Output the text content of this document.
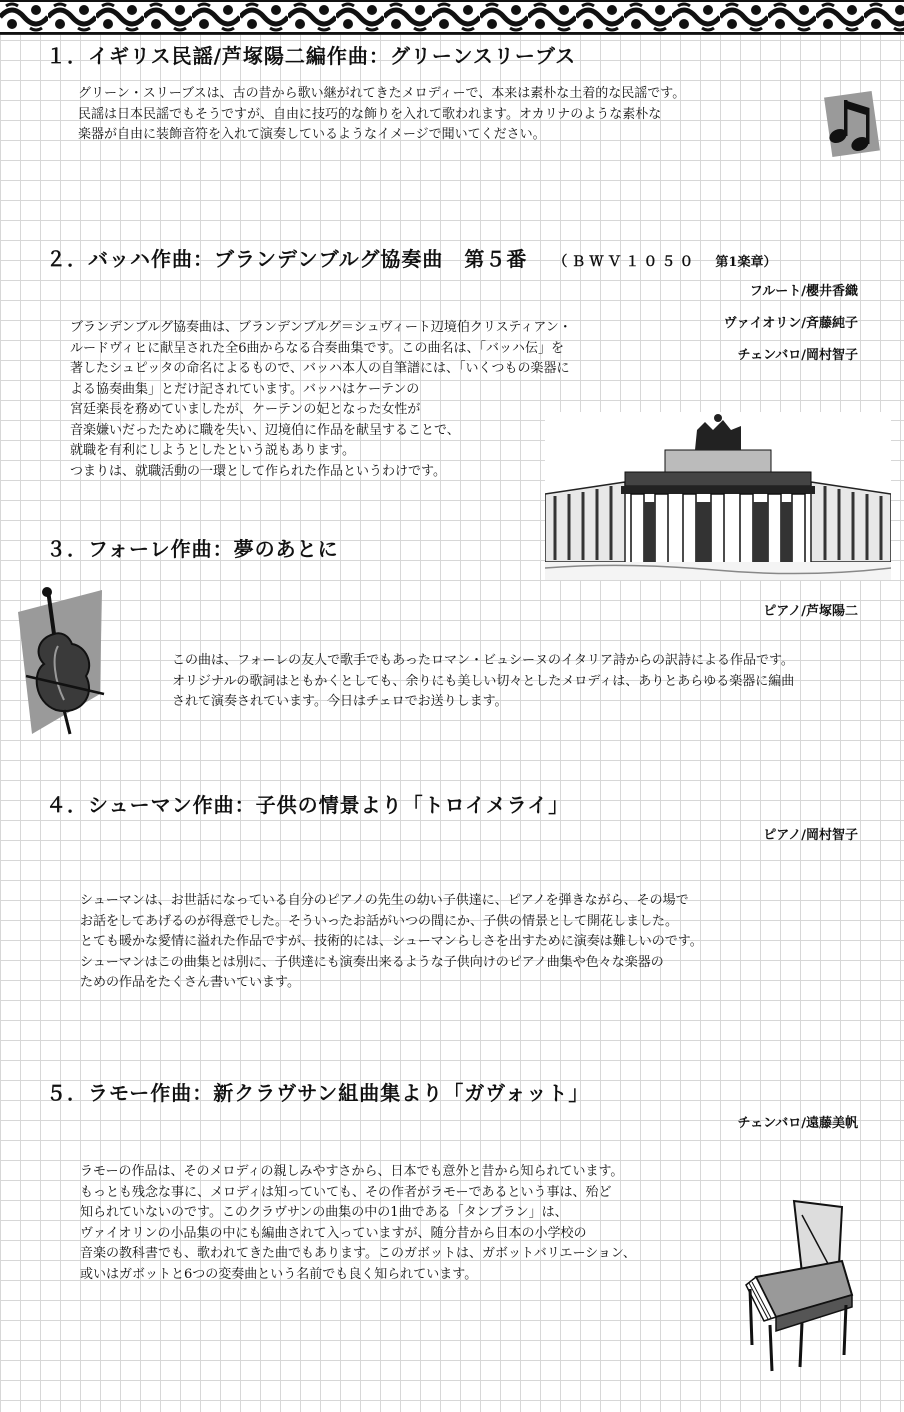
１．イギリス民謡/芦塚陽二編作曲：グリーンスリーブス

グリーン・スリーブスは、古の昔から歌い継がれてきたメロディーで、本来は素朴な土着的な民謡です。
民謡は日本民謡でもそうですが、自由に技巧的な飾りを入れて歌われます。オカリナのような素朴な
楽器が自由に装飾音符を入れて演奏しているようなイメージで聞いてください。

２．バッハ作曲：ブランデンブルグ協奏曲　第５番 （ＢＷＶ１０５０ 第1楽章）

フルート/櫻井香織

ヴァイオリン/斉藤純子

チェンバロ/岡村智子

ブランデンブルグ協奏曲は、ブランデンブルグ＝シュヴィート辺境伯クリスティアン・
ルードヴィヒに献呈された全6曲からなる合奏曲集です。この曲名は、「バッハ伝」を
著したシュピッタの命名によるもので、バッハ本人の自筆譜には、「いくつもの楽器に
よる協奏曲集」とだけ記されています。バッハはケーテンの
宮廷楽長を務めていましたが、ケーテンの妃となった女性が
音楽嫌いだったために職を失い、辺境伯に作品を献呈することで、
就職を有利にしようとしたという説もあります。
つまりは、就職活動の一環として作られた作品というわけです。

３．フォーレ作曲：夢のあとに

ピアノ/芦塚陽二

この曲は、フォーレの友人で歌手でもあったロマン・ビュシーヌのイタリア詩からの訳詩による作品です。
オリジナルの歌詞はともかくとしても、余りにも美しい切々としたメロディは、ありとあらゆる楽器に編曲
されて演奏されています。今日はチェロでお送りします。

４．シューマン作曲：子供の情景より「トロイメライ」

ピアノ/岡村智子

シューマンは、お世話になっている自分のピアノの先生の幼い子供達に、ピアノを弾きながら、その場で
お話をしてあげるのが得意でした。そういったお話がいつの間にか、子供の情景として開花しました。
とても暖かな愛情に溢れた作品ですが、技術的には、シューマンらしさを出すために演奏は難しいのです。
シューマンはこの曲集とは別に、子供達にも演奏出来るような子供向けのピアノ曲集や色々な楽器の
ための作品をたくさん書いています。

５．ラモー作曲：新クラヴサン組曲集より「ガヴォット」

チェンバロ/遠藤美帆

ラモーの作品は、そのメロディの親しみやすさから、日本でも意外と昔から知られています。
もっとも残念な事に、メロディは知っていても、その作者がラモーであるという事は、殆ど
知られていないのです。このクラヴサンの曲集の中の1曲である「タンブラン」は、
ヴァイオリンの小品集の中にも編曲されて入っていますが、随分昔から日本の小学校の
音楽の教科書でも、歌われてきた曲でもあります。このガボットは、ガボットバリエーション、
或いはガボットと6つの変奏曲という名前でも良く知られています。
